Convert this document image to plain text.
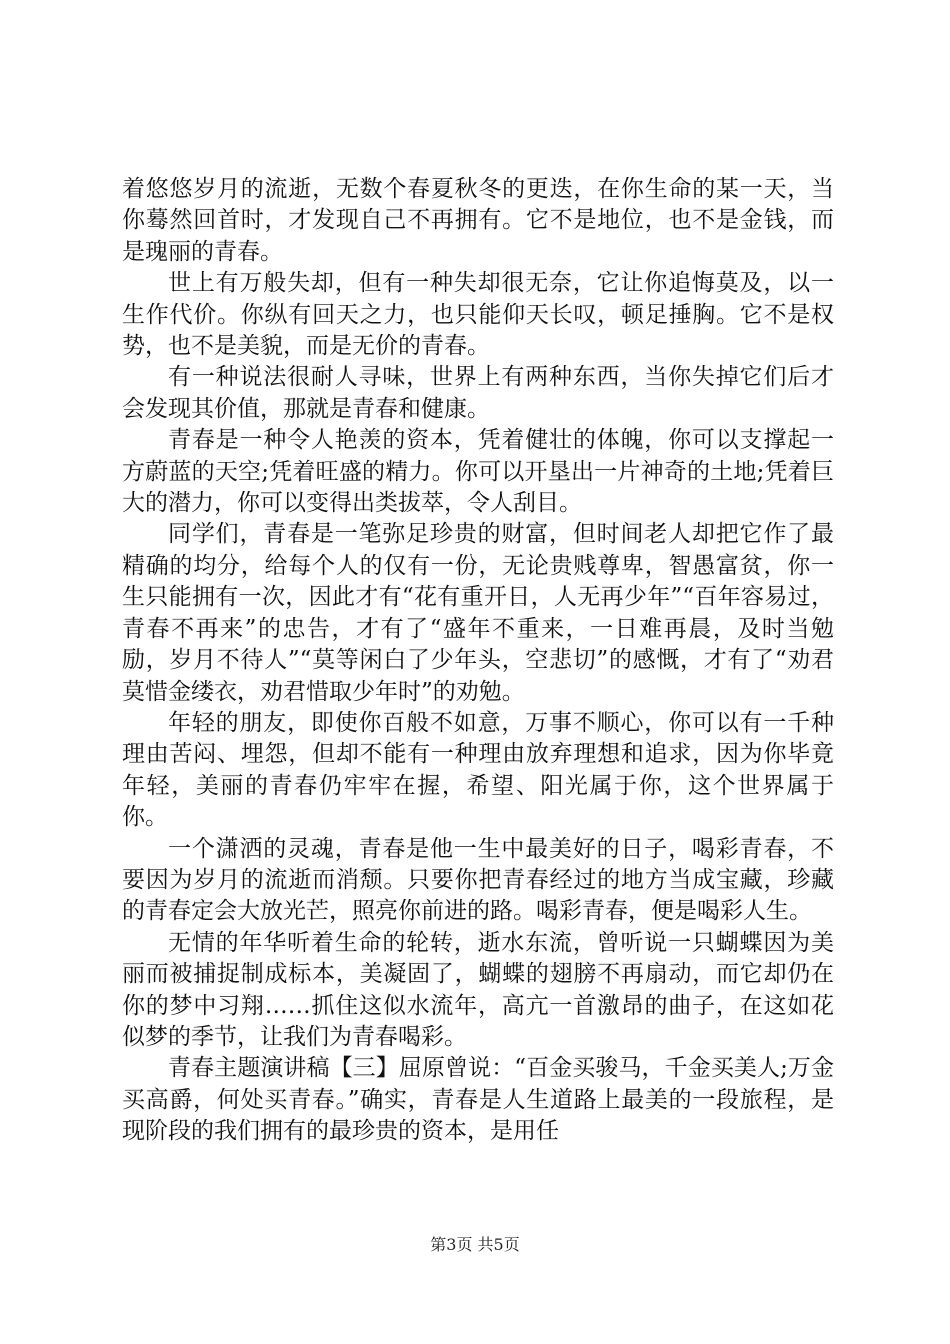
着悠悠岁月的流逝，无数个春夏秋冬的更迭，在你生命的某一天，当你蓦然回首时，才发现自己不再拥有。它不是地位，也不是金钱，而是瑰丽的青春。

世上有万般失却，但有一种失却很无奈，它让你追悔莫及，以一生作代价。你纵有回天之力，也只能仰天长叹，顿足捶胸。它不是权势，也不是美貌，而是无价的青春。

有一种说法很耐人寻味，世界上有两种东西，当你失掉它们后才会发现其价值，那就是青春和健康。

青春是一种令人艳羡的资本，凭着健壮的体魄，你可以支撑起一方蔚蓝的天空;凭着旺盛的精力。你可以开垦出一片神奇的土地;凭着巨大的潜力，你可以变得出类拔萃，令人刮目。

同学们，青春是一笔弥足珍贵的财富，但时间老人却把它作了最精确的均分，给每个人的仅有一份，无论贵贱尊卑，智愚富贫，你一生只能拥有一次，因此才有“花有重开日，人无再少年”“百年容易过，青春不再来”的忠告，才有了“盛年不重来，一日难再晨，及时当勉励，岁月不待人”“莫等闲白了少年头，空悲切”的感慨，才有了“劝君莫惜金缕衣，劝君惜取少年时”的劝勉。

年轻的朋友，即使你百般不如意，万事不顺心，你可以有一千种理由苦闷、埋怨，但却不能有一种理由放弃理想和追求，因为你毕竟年轻，美丽的青春仍牢牢在握，希望、阳光属于你，这个世界属于你。

一个潇洒的灵魂，青春是他一生中最美好的日子，喝彩青春，不要因为岁月的流逝而消颓。只要你把青春经过的地方当成宝藏，珍藏的青春定会大放光芒，照亮你前进的路。喝彩青春，便是喝彩人生。

无情的年华听着生命的轮转，逝水东流，曾听说一只蝴蝶因为美丽而被捕捉制成标本，美凝固了，蝴蝶的翅膀不再扇动，而它却仍在你的梦中习翔……抓住这似水流年，高亢一首激昂的曲子，在这如花似梦的季节，让我们为青春喝彩。

青春主题演讲稿【三】屈原曾说：“百金买骏马，千金买美人;万金买高爵，何处买青春。”确实，青春是人生道路上最美的一段旅程，是现阶段的我们拥有的最珍贵的资本，是用任

第3页 共5页
